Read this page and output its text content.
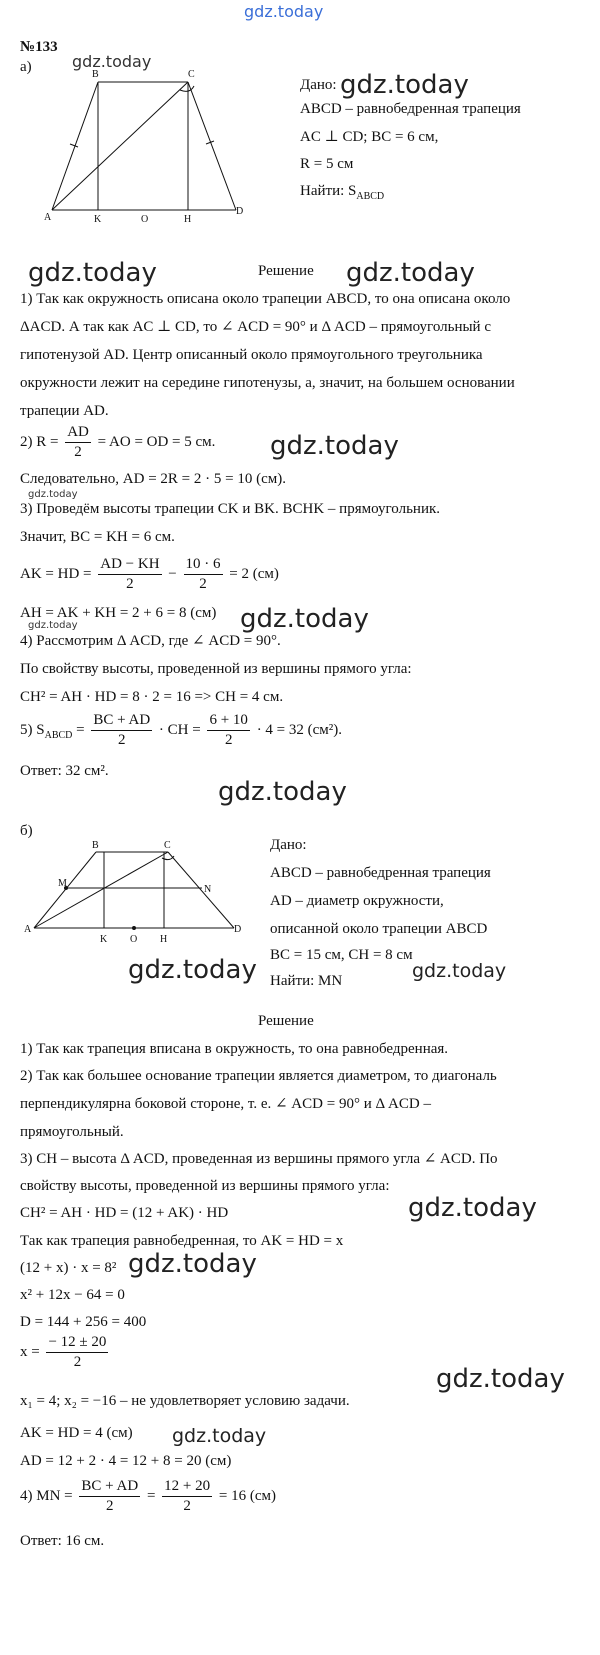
gdz.today
gdz.today
gdz.today
gdz.today	gdz.today
gdz.today
gdz.today
gdz.today
gdz.today
gdz.today
gdz.today	gdz.today
gdz.today
gdz.today
gdz.today
gdz.today
№133
а)
A
B	C
D
K	O	H
Дано:
ABCD – равнобедренная трапеция
AC ⊥ CD; BC = 6 см,
R = 5 см
Найти: $S_{ABCD}$
Решение
1) Так как окружность описана около трапеции ABCD, то она описана около
ΔACD. А так как AC ⊥ CD, то ∠ ACD = 90° и Δ ACD – прямоугольный с
гипотенузой AD. Центр описанный около прямоугольного треугольника
окружности лежит на середине гипотенузы, а, значит, на большем основании
трапеции AD.
2) $R = \frac{AD}{2}$ = AO = OD = 5 см.
Следовательно, AD = 2R = 2 · 5 = 10 (см).
3) Проведём высоты трапеции CK и BK. BCHK – прямоугольник.
Значит, BC = KH = 6 см.
AK = HD = $\frac{AD - KH}{2} - \frac{10 \cdot 6}{2} = 2$ (см)
AH = AK + KH = 2 + 6 = 8 (см)
4) Рассмотрим Δ ACD, где ∠ ACD = 90°.
По свойству высоты, проведенной из вершины прямого угла:
CH² = AH · HD = 8 · 2 = 16 => CH = 4 см.
5) $S_{ABCD} = \frac{BC + AD}{2}$ · CH = $\frac{6 + 10}{2} \cdot 4 = 32$ (см²).
Ответ: 32 см².
б)
A
B	C
D
K O H
M
N
Дано:
ABCD – равнобедренная трапеция
AD – диаметр окружности,
описанной около трапеции ABCD
BC = 15 см, CH = 8 см
Найти: MN
Решение
1) Так как трапеция вписана в окружность, то она равнобедренная.
2) Так как большее основание трапеции является диаметром, то диагональ
перпендикулярна боковой стороне, т. е. ∠ ACD = 90° и Δ ACD –
прямоугольный.
3) CH – высота Δ ACD, проведенная из вершины прямого угла ∠ ACD. По
свойству высоты, проведенной из вершины прямого угла:
CH² = AH · HD = (12 + AK) · HD
Так как трапеция равнобедренная, то AK = HD = x
(12 + x) · x = 8²
x² + 12x − 64 = 0
D = 144 + 256 = 400
$x = \frac{- 12 \pm 20}{2}$
x₁ = 4; x₂ = −16 – не удовлетворяет условию задачи.
AK = HD = 4 (см)
AD = 12 + 2 · 4 = 12 + 8 = 20 (см)
4) MN = $\frac{BC + AD}{2} = \frac{12 + 20}{2} = 16$ (см)
Ответ: 16 см.
